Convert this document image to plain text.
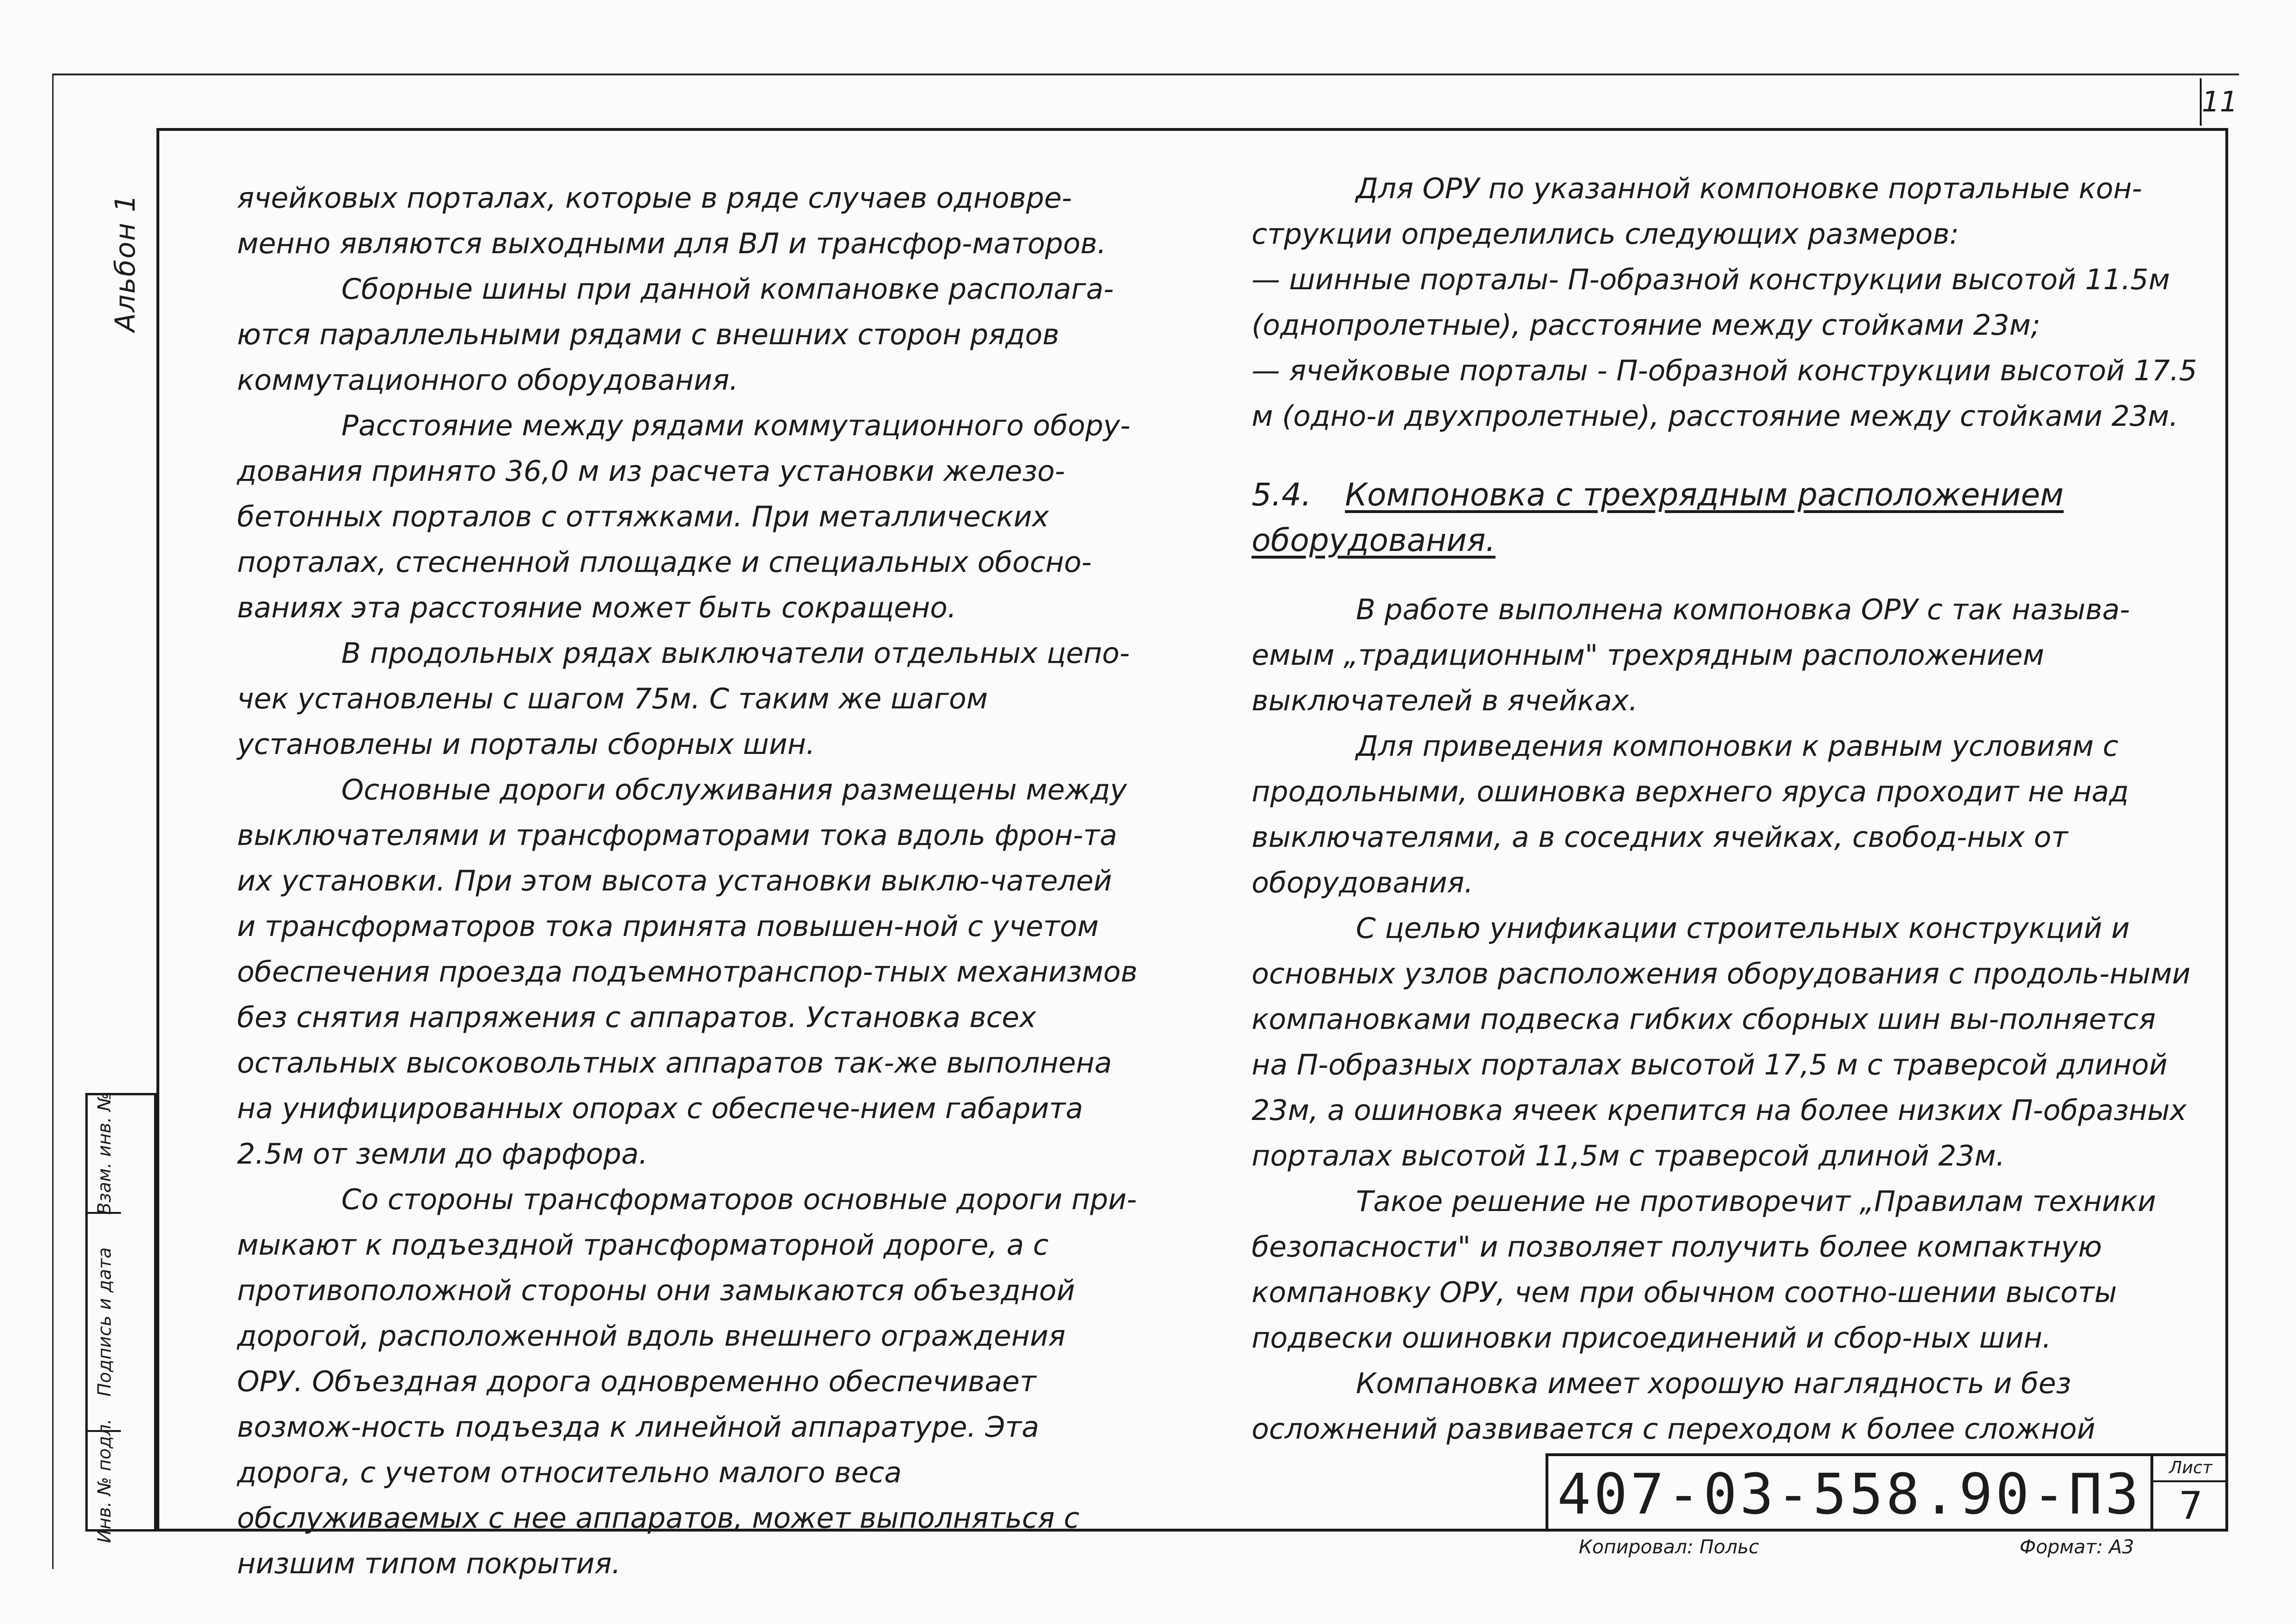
11
Альбон 1
Взам. инв. №
Подпись и дата
Инв. № подл.

ячейковых порталах, которые в ряде случаев одновре-менно являются выходными для ВЛ и трансфор-маторов.

Сборные шины при данной компановке располага-ются параллельными рядами с внешних сторон рядов коммутационного оборудования.

Расстояние между рядами коммутационного обору-дования принято 36,0 м из расчета установки железо-бетонных порталов с оттяжками. При металлических порталах, стесненной площадке и специальных обосно-ваниях эта расстояние может быть сокращено.

В продольных рядах выключатели отдельных цепо-чек установлены с шагом 75м. С таким же шагом установлены и порталы сборных шин.

Основные дороги обслуживания размещены между выключателями и трансформаторами тока вдоль фрон-та их установки. При этом высота установки выклю-чателей и трансформаторов тока принята повышен-ной с учетом обеспечения проезда подъемнотранспор-тных механизмов без снятия напряжения с аппаратов. Установка всех остальных высоковольтных аппаратов так-же выполнена на унифицированных опорах с обеспече-нием габарита 2.5м от земли до фарфора.

Со стороны трансформаторов основные дороги при-мыкают к подъездной трансформаторной дороге, а с противоположной стороны они замыкаются объездной дорогой, расположенной вдоль внешнего ограждения ОРУ. Объездная дорога одновременно обеспечивает возмож-ность подъезда к линейной аппаратуре. Эта дорога, с учетом относительно малого веса обслуживаемых с нее аппаратов, может выполняться с низшим типом покрытия.

Для ОРУ по указанной компоновке портальные кон-струкции определились следующих размеров:

— шинные порталы- П-образной конструкции высотой 11.5м (однопролетные), расстояние между стойками 23м;

— ячейковые порталы - П-образной конструкции высотой 17.5 м (одно-и двухпролетные), расстояние между стойками 23м.

5.4. Компоновка с трехрядным расположением оборудования.

В работе выполнена компоновка ОРУ с так называ-емым „традиционным" трехрядным расположением выключателей в ячейках.

Для приведения компоновки к равным условиям с продольными, ошиновка верхнего яруса проходит не над выключателями, а в соседних ячейках, свобод-ных от оборудования.

С целью унификации строительных конструкций и основных узлов расположения оборудования с продоль-ными компановками подвеска гибких сборных шин вы-полняется на П-образных порталах высотой 17,5 м с траверсой длиной 23м, а ошиновка ячеек крепится на более низких П-образных порталах высотой 11,5м с траверсой длиной 23м.

Такое решение не противоречит „Правилам техники безопасности" и позволяет получить более компактную компановку ОРУ, чем при обычном соотно-шении высоты подвески ошиновки присоединений и сбор-ных шин.

Компановка имеет хорошую наглядность и без осложнений развивается с переходом к более сложной

407-03-558.90-ПЗ	Лист
7
Копировал: Польс	Формат: А3
